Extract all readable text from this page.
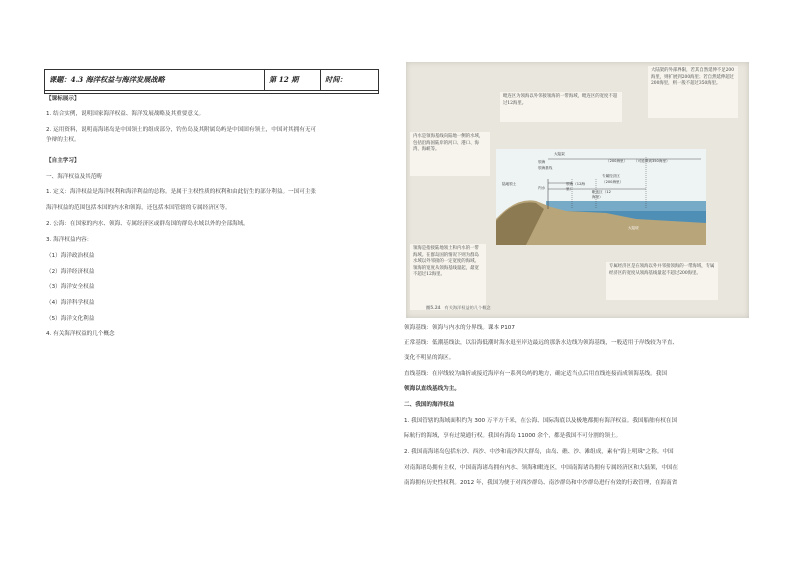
课题：4.3 海洋权益与海洋发展战略	第 12 期	时间：
【课标展示】
1. 结合实例，说明国家海洋权益、海洋发展战略及其重要意义。
2. 运用资料，说明南海诸岛是中国领土的组成部分，钓鱼岛及其附属岛屿是中国固有领土，中国对其拥有无可
争辩的主权。
【自主学习】
一、海洋权益及其范畴
1. 定义：海洋权益是海洋权利和海洋利益的总称。是属于主权性质的权利和由此衍生的部分利益。一国可主张
海洋权益的范围包括本国的内水和领海，还包括本国管辖的专属经济区等。
2. 公海：在国家的内水、领海、专属经济区或群岛国的群岛水域以外的全部海域。
3. 海洋权益内容：
（1）海洋政治权益
（2）海洋经济权益
（3）海洋安全权益
（4）海洋科学权益
（5）海洋文化利益
4. 有关海洋权益的几个概念
毗连区为领海以外邻接领海的一带海域，毗连区的宽度不超过12海里。
大陆架的外部界限，若其自然延伸不足200海里，则扩展到200海里；若自然延伸超过200海里，则一般不超过350海里。
内水是领海基线向陆地一侧的水域，包括沿海国陆岸的河口、港口、海湾、海峡等。
领海是指接陆地领土和内水的一带海域。在群岛国的情况下则为群岛水域以外邻接的一定宽度的海域。领海的宽度从领海基线量起，最宽不超过12海里。
专属经济区是在领海以外并邻接领海的一带海域，专属经济区的宽度从领海基线量起不超过200海里。
大陆架
领海
领海基线
（200海里） （可延伸到350海里）
专属经济区
（200海里）
陆地领土
内水
领海（12海里）
毗连区（12海里）
大陆坡
图5.24 有关海洋权益的几个概念
领海基线：领海与内水的分界线。课本 P107
正常基线：低潮基线法，以沿海低潮时海水退至岸边最远的那条水边线为领海基线，一般适用于岸线较为平直、
变化不明显的海区。
直线基线：在岸线较为曲折或接近海岸有一系列岛屿的地方，确定适当点后用直线连接而成领海基线。我国
领海以直线基线为主。
二、我国的海洋权益
1. 我国管辖的海域面积约为 300 万平方千米，在公海、国际海底以及极地都拥有海洋权益。我国船舶有权在国
际航行的海域，享有过境通行权。我国有海岛 11000 余个，都是我国不可分割的领土。
2. 我国南海诸岛包括东沙、西沙、中沙和南沙四大群岛，由岛、礁、沙、滩组成，素有"海上明珠"之称。中国
对南海诸岛拥有主权，中国南海诸岛拥有内水、领海和毗连区，中国南海诸岛拥有专属经济区和大陆架，中国在
南海拥有历史性权利。2012 年，我国为便于对西沙群岛、南沙群岛和中沙群岛进行有效的行政管理，在海南省
